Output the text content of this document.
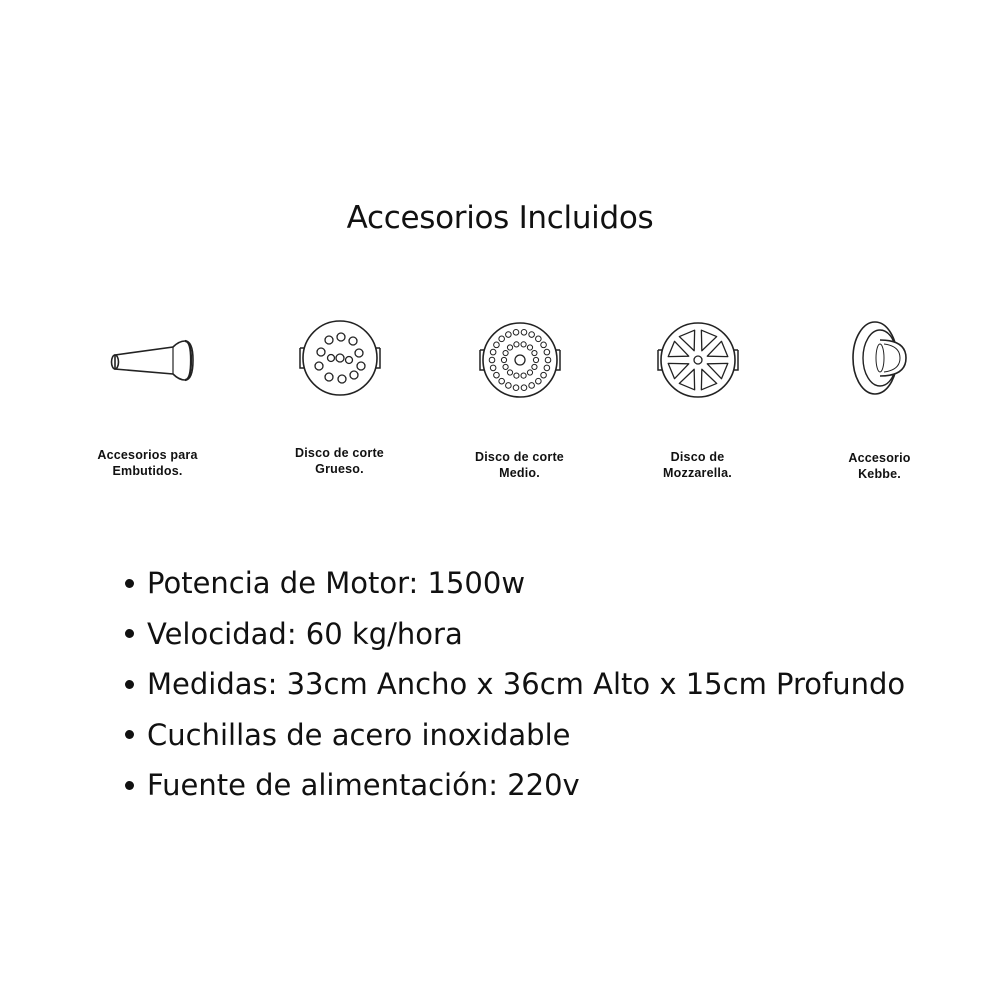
Accesorios Incluidos
Accesorios para
Embutidos.
Disco de corte
Grueso.
Disco de corte
Medio.
Disco de
Mozzarella.
Accesorio
Kebbe.
Potencia de Motor: 1500w
Velocidad: 60 kg/hora
Medidas: 33cm Ancho x 36cm Alto x 15cm Profundo
Cuchillas de acero inoxidable
Fuente de alimentación: 220v
